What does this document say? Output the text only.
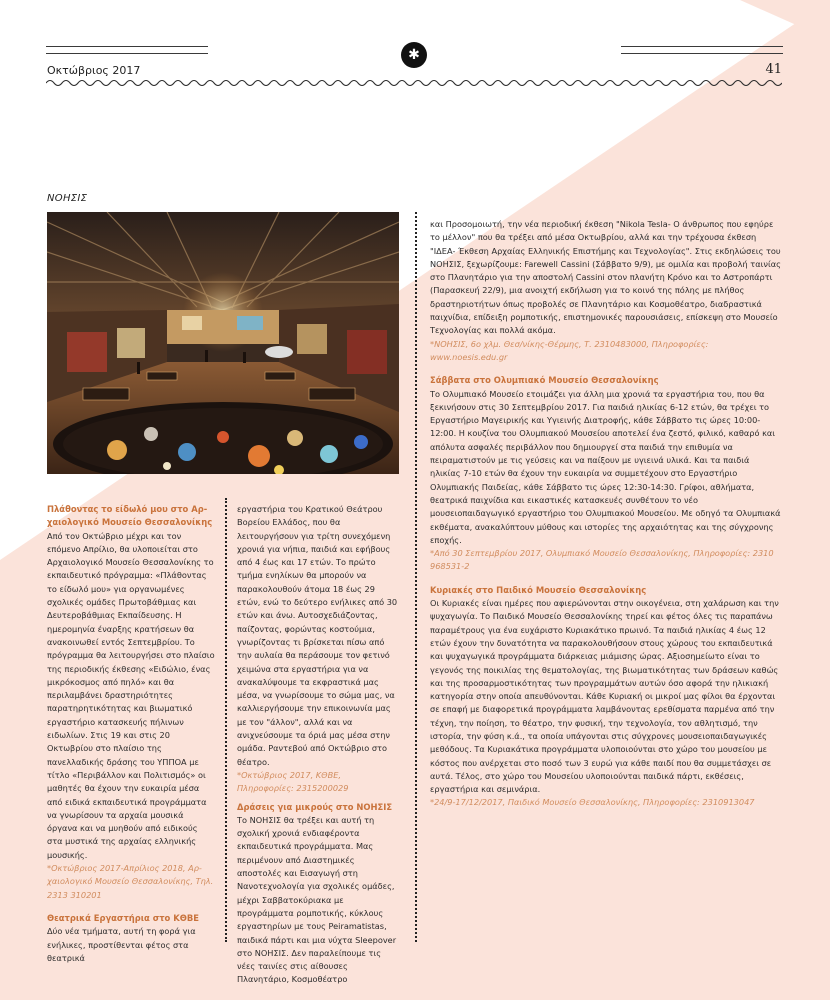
✱
Οκτώβριος 2017	41
ΝΟΗΣΙΣ

Πλάθοντας το είδωλό μου στο Αρ-χαιολογικό Μουσείο Θεσσαλονίκης

Από τον Οκτώβριο μέχρι και τον επόμενο Απρίλιο, θα υλοποιείται στο Αρχαιολογικό Μουσείο Θεσσαλονίκης το εκπαιδευτικό πρόγραμμα: «Πλάθοντας το είδωλό μου» για οργανωμένες σχολικές ομάδες Πρωτοβάθμιας και Δευτεροβάθμιας Εκπαίδευσης. Η ημερομηνία έναρξης κρατήσεων θα ανακοινωθεί εντός Σεπτεμβρίου. Το πρόγραμμα θα λειτουργήσει στο πλαίσιο της περιοδικής έκθεσης «Ειδώλιο, ένας μικρόκοσμος από πηλό» και θα περιλαμβάνει δραστηριότητες παρατηρητικότητας και βιωματικό εργαστήριο κατασκευής πήλινων ειδωλίων. Στις 19 και στις 20 Οκτωβρίου στο πλαίσιο της πανελλαδικής δράσης του ΥΠΠΟΑ με τίτλο «Περιβάλλον και Πολιτισμός» οι μαθητές θα έχουν την ευκαιρία μέσα από ειδικά εκπαιδευτικά προγράμματα να γνωρίσουν τα αρχαία μουσικά όργανα και να μυηθούν από ειδικούς στα μυστικά της αρχαίας ελληνικής μουσικής.

*Οκτώβριος 2017-Απρίλιος 2018, Αρ-χαιολογικό Μουσείο Θεσσαλονίκης, Τηλ. 2313 310201

Θεατρικά Εργαστήρια στο ΚΘΒΕ

Δύο νέα τμήματα, αυτή τη φορά για ενήλικες, προστίθενται φέτος στα θεατρικά

εργαστήρια του Κρατικού Θεάτρου Βορείου Ελλάδος, που θα λειτουργήσουν για τρίτη συνεχόμενη χρονιά για νήπια, παιδιά και εφήβους από 4 έως και 17 ετών. Το πρώτο τμήμα ενηλίκων θα μπορούν να παρακολουθούν άτομα 18 έως 29 ετών, ενώ το δεύτερο ενήλικες από 30 ετών και άνω. Αυτοσχεδιάζοντας, παίζοντας, φορώντας κοστούμια, γνωρίζοντας τι βρίσκεται πίσω από την αυλαία θα περάσουμε τον φετινό χειμώνα στα εργαστήρια για να ανακαλύψουμε τα εκφραστικά μας μέσα, να γνωρίσουμε το σώμα μας, να καλλιεργήσουμε την επικοινωνία μας με τον "άλλον", αλλά και να ανιχνεύσουμε τα όριά μας μέσα στην ομάδα. Ραντεβού από Οκτώβριο στο θέατρο.

*Οκτώβριος 2017, ΚΘΒΕ, Πληροφορίες: 2315200029

Δράσεις για μικρούς στο ΝΟΗΣΙΣ

Το ΝΟΗΣΙΣ θα τρέξει και αυτή τη σχολική χρονιά ενδιαφέροντα εκπαιδευτικά προγράμματα. Μας περιμένουν από Διαστημικές αποστολές και Εισαγωγή στη Νανοτεχνολογία για σχολικές ομάδες, μέχρι Σαββατοκύριακα με προγράμματα ρομποτικής, κύκλους εργαστηρίων με τους Peiramatistas, παιδικά πάρτι και μια νύχτα Sleepover στο ΝΟΗΣΙΣ. Δεν παραλείπουμε τις νέες ταινίες στις αίθουσες Πλανητάριο, Κοσμοθέατρο

και Προσομοιωτή, την νέα περιοδική έκθεση "Nikola Tesla- Ο άνθρωπος που εφηύρε το μέλλον" που θα τρέξει από μέσα Οκτωβρίου, αλλά και την τρέχουσα έκθεση "ΙΔΕΑ- Έκθεση Αρχαίας Ελληνικής Επιστήμης και Τεχνολογίας". Στις εκδηλώσεις του ΝΟΗΣΙΣ, ξεχωρίζουμε: Farewell Cassini (Σάββατο 9/9), με ομιλία και προβολή ταινίας στο Πλανητάριο για την αποστολή Cassini στον πλανήτη Κρόνο και το Αστροπάρτι (Παρασκευή 22/9), μια ανοιχτή εκδήλωση για το κοινό της πόλης με πλήθος δραστηριοτήτων όπως προβολές σε Πλανητάριο και Κοσμοθέατρο, διαδραστικά παιχνίδια, επίδειξη ρομποτικής, επιστημονικές παρουσιάσεις, επίσκεψη στο Μουσείο Τεχνολογίας και πολλά ακόμα.

*ΝΟΗΣΙΣ, 6ο χλμ. Θεσ/νίκης-Θέρμης, Τ. 2310483000, Πληροφορίες: www.noesis.edu.gr

Σάββατα στο Ολυμπιακό Μουσείο Θεσσαλονίκης

Το Ολυμπιακό Μουσείο ετοιμάζει για άλλη μια χρονιά τα εργαστήρια του, που θα ξεκινήσουν στις 30 Σεπτεμβρίου 2017. Για παιδιά ηλικίας 6-12 ετών, θα τρέχει το Εργαστήριο Μαγειρικής και Υγιεινής Διατροφής, κάθε Σάββατο τις ώρες 10:00-12:00. Η κουζίνα του Ολυμπιακού Μουσείου αποτελεί ένα ζεστό, φιλικό, καθαρό και απόλυτα ασφαλές περιβάλλον που δημιουργεί στα παιδιά την επιθυμία να πειραματιστούν με τις γεύσεις και να παίξουν με υγιεινά υλικά. Και τα παιδιά ηλικίας 7-10 ετών θα έχουν την ευκαιρία να συμμετέχουν στο Εργαστήριο Ολυμπιακής Παιδείας, κάθε Σάββατο τις ώρες 12:30-14:30. Γρίφοι, αθλήματα, θεατρικά παιχνίδια και εικαστικές κατασκευές συνθέτουν το νέο μουσειοπαιδαγωγικό εργαστήριο του Ολυμπιακού Μουσείου. Με οδηγό τα Ολυμπιακά εκθέματα, ανακαλύπτουν μύθους και ιστορίες της αρχαιότητας και της σύγχρονης εποχής.

*Από 30 Σεπτεμβρίου 2017, Ολυμπιακό Μουσείο Θεσσαλονίκης, Πληροφορίες: 2310 968531-2

Κυριακές στο Παιδικό Μουσείο Θεσσαλονίκης

Οι Κυριακές είναι ημέρες που αφιερώνονται στην οικογένεια, στη χαλάρωση και την ψυχαγωγία. Το Παιδικό Μουσείο Θεσσαλονίκης τηρεί και φέτος όλες τις παραπάνω παραμέτρους για ένα ευχάριστο Κυριακάτικο πρωινό. Τα παιδιά ηλικίας 4 έως 12 ετών έχουν την δυνατότητα να παρακολουθήσουν στους χώρους του εκπαιδευτικά και ψυχαγωγικά προγράμματα διάρκειας μιάμισης ώρας. Αξιοσημείωτο είναι το γεγονός της ποικιλίας της θεματολογίας, της βιωματικότητας των δράσεων καθώς και της προσαρμοστικότητας των προγραμμάτων αυτών όσο αφορά την ηλικιακή κατηγορία στην οποία απευθύνονται. Κάθε Κυριακή οι μικροί μας φίλοι θα έρχονται σε επαφή με διαφορετικά προγράμματα λαμβάνοντας ερεθίσματα παρμένα από την τέχνη, την ποίηση, το θέατρο, την φυσική, την τεχνολογία, τον αθλητισμό, την ιστορία, την φύση κ.ά., τα οποία υπάγονται στις σύγχρονες μουσειοπαιδαγωγικές μεθόδους. Τα Κυριακάτικα προγράμματα υλοποιούνται στο χώρο του μουσείου με κόστος που ανέρχεται στο ποσό των 3 ευρώ για κάθε παιδί που θα συμμετάσχει σε αυτά. Τέλος, στο χώρο του Μουσείου υλοποιούνται παιδικά πάρτι, εκθέσεις, εργαστήρια και σεμινάρια.

*24/9-17/12/2017, Παιδικό Μουσείο Θεσσαλονίκης, Πληροφορίες: 2310913047
